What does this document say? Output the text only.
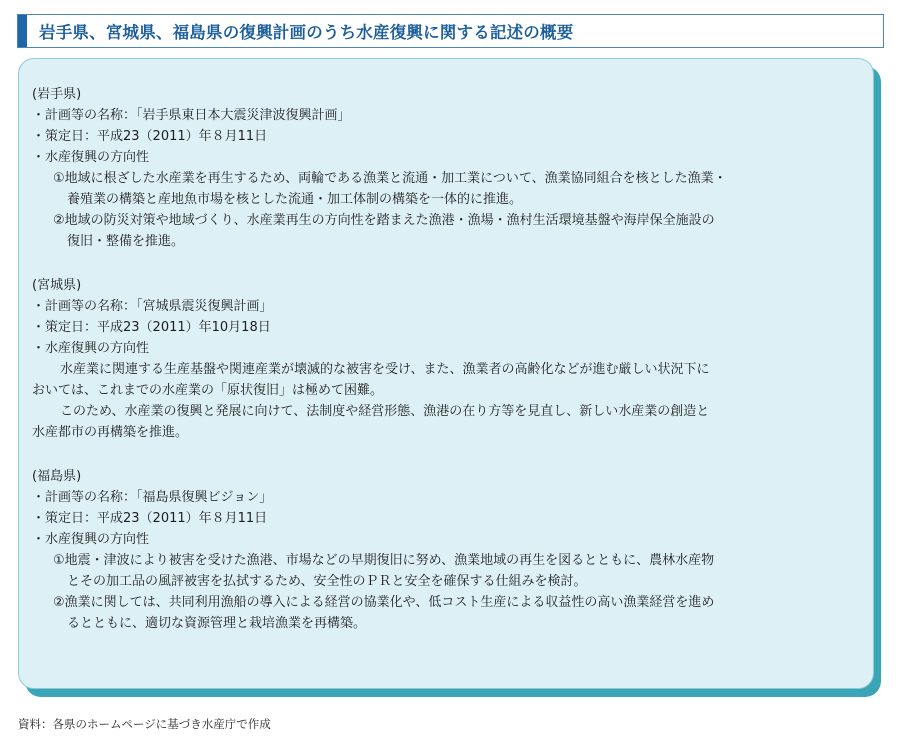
岩手県、宮城県、福島県の復興計画のうち水産復興に関する記述の概要
(岩手県)
・計画等の名称：「岩手県東日本大震災津波復興計画」
・策定日：平成23（2011）年８月11日
・水産復興の方向性
①地域に根ざした水産業を再生するため、両輪である漁業と流通・加工業について、漁業協同組合を核とした漁業・
養殖業の構築と産地魚市場を核とした流通・加工体制の構築を一体的に推進。
②地域の防災対策や地域づくり、水産業再生の方向性を踏まえた漁港・漁場・漁村生活環境基盤や海岸保全施設の
復旧・整備を推進。
(宮城県)
・計画等の名称：「宮城県震災復興計画」
・策定日：平成23（2011）年10月18日
・水産復興の方向性
水産業に関連する生産基盤や関連産業が壊滅的な被害を受け、また、漁業者の高齢化などが進む厳しい状況下に
おいては、これまでの水産業の「原状復旧」は極めて困難。
このため、水産業の復興と発展に向けて、法制度や経営形態、漁港の在り方等を見直し、新しい水産業の創造と
水産都市の再構築を推進。
(福島県)
・計画等の名称：「福島県復興ビジョン」
・策定日：平成23（2011）年８月11日
・水産復興の方向性
①地震・津波により被害を受けた漁港、市場などの早期復旧に努め、漁業地域の再生を図るとともに、農林水産物
とその加工品の風評被害を払拭するため、安全性のＰＲと安全を確保する仕組みを検討。
②漁業に関しては、共同利用漁船の導入による経営の協業化や、低コスト生産による収益性の高い漁業経営を進め
るとともに、適切な資源管理と栽培漁業を再構築。
資料：各県のホームページに基づき水産庁で作成
